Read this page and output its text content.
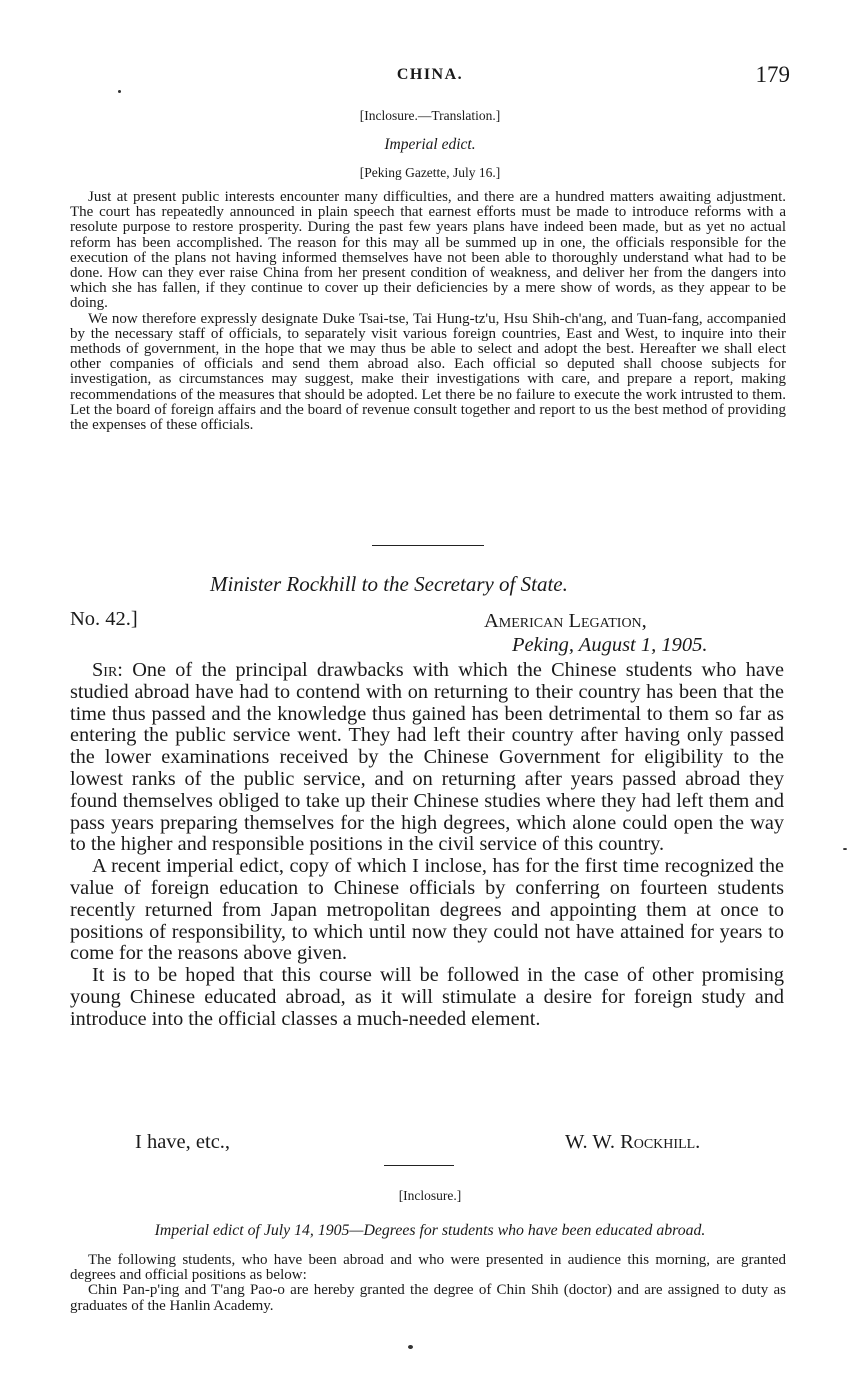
CHINA.	179
[Inclosure.—Translation.]
Imperial edict.
[Peking Gazette, July 16.]

Just at present public interests encounter many difficulties, and there are a hundred matters awaiting adjustment. The court has repeatedly announced in plain speech that earnest efforts must be made to introduce reforms with a resolute purpose to restore prosperity. During the past few years plans have indeed been made, but as yet no actual reform has been accomplished. The reason for this may all be summed up in one, the officials responsible for the execution of the plans not having informed themselves have not been able to thoroughly understand what had to be done. How can they ever raise China from her present condition of weakness, and deliver her from the dangers into which she has fallen, if they continue to cover up their deficiencies by a mere show of words, as they appear to be doing.

We now therefore expressly designate Duke Tsai-tse, Tai Hung-tz'u, Hsu Shih-ch'ang, and Tuan-fang, accompanied by the necessary staff of officials, to separately visit various foreign countries, East and West, to inquire into their methods of government, in the hope that we may thus be able to select and adopt the best. Hereafter we shall elect other companies of officials and send them abroad also. Each official so deputed shall choose subjects for investigation, as circumstances may suggest, make their investigations with care, and prepare a report, making recommendations of the measures that should be adopted. Let there be no failure to execute the work intrusted to them. Let the board of foreign affairs and the board of revenue consult together and report to us the best method of providing the expenses of these officials.

Minister Rockhill to the Secretary of State.
No. 42.]	American Legation,
Peking, August 1, 1905.

Sir: One of the principal drawbacks with which the Chinese students who have studied abroad have had to contend with on returning to their country has been that the time thus passed and the knowledge thus gained has been detrimental to them so far as entering the public service went. They had left their country after having only passed the lower examinations received by the Chinese Government for eligibility to the lowest ranks of the public service, and on returning after years passed abroad they found themselves obliged to take up their Chinese studies where they had left them and pass years preparing themselves for the high degrees, which alone could open the way to the higher and responsible positions in the civil service of this country.

A recent imperial edict, copy of which I inclose, has for the first time recognized the value of foreign education to Chinese officials by conferring on fourteen students recently returned from Japan metropolitan degrees and appointing them at once to positions of responsibility, to which until now they could not have attained for years to come for the reasons above given.

It is to be hoped that this course will be followed in the case of other promising young Chinese educated abroad, as it will stimulate a desire for foreign study and introduce into the official classes a much-needed element.

I have, etc.,	W. W. Rockhill.
[Inclosure.]
Imperial edict of July 14, 1905—Degrees for students who have been educated abroad.

The following students, who have been abroad and who were presented in audience this morning, are granted degrees and official positions as below:

Chin Pan-p'ing and T'ang Pao-o are hereby granted the degree of Chin Shih (doctor) and are assigned to duty as graduates of the Hanlin Academy.
